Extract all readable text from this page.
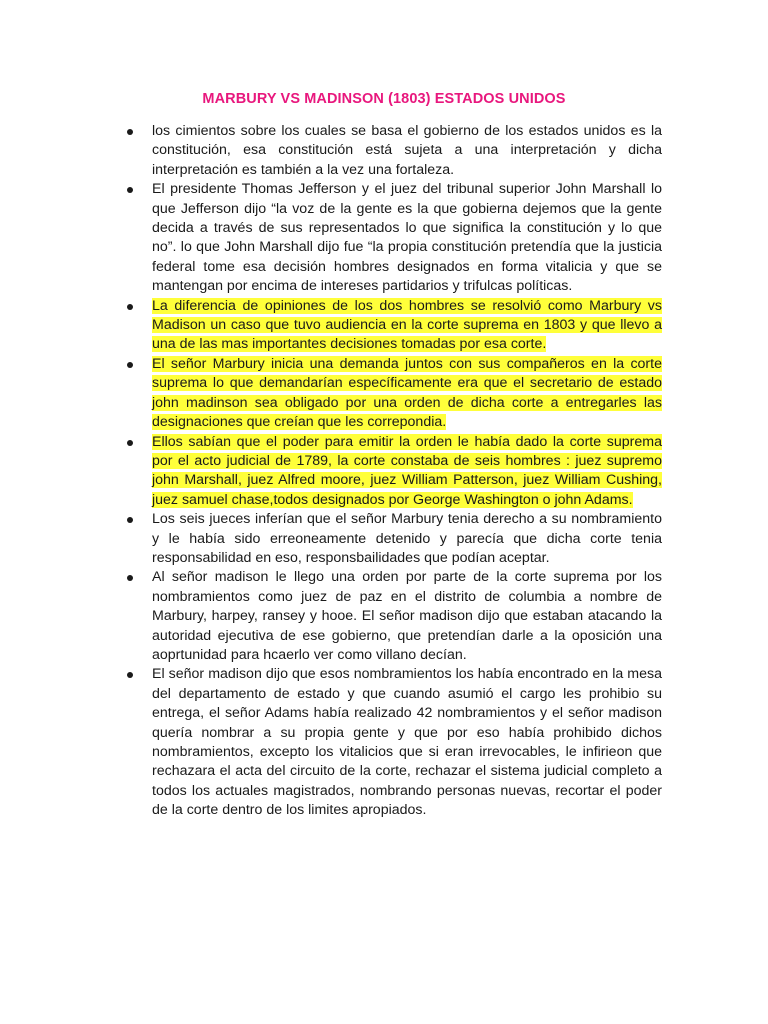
MARBURY VS MADINSON (1803) ESTADOS UNIDOS
los cimientos sobre los cuales se basa el gobierno de los estados unidos es la constitución, esa constitución está sujeta a una interpretación y dicha interpretación es también a la vez una fortaleza.
El presidente Thomas Jefferson y el juez del tribunal superior John Marshall lo que Jefferson dijo “la voz de la gente es la que gobierna dejemos que la gente decida a través de sus representados lo que significa la constitución y lo que no”. lo que John Marshall dijo fue “la propia constitución pretendía que la justicia federal tome esa decisión hombres designados en forma vitalicia y que se mantengan por encima de intereses partidarios y trifulcas políticas.
La diferencia de opiniones de los dos hombres se resolvió como Marbury vs Madison un caso que tuvo audiencia en la corte suprema en 1803 y que llevo a una de las mas importantes decisiones tomadas por esa corte.
El señor Marbury inicia una demanda juntos con sus compañeros en la corte suprema lo que demandarían específicamente era que el secretario de estado john madinson sea obligado por una orden de dicha corte a entregarles las designaciones que creían que les correpondia.
Ellos sabían que el poder para emitir la orden le había dado la corte suprema por el acto judicial de 1789, la corte constaba de seis hombres : juez supremo john Marshall, juez Alfred moore, juez William Patterson, juez William Cushing, juez samuel chase,todos designados por George Washington o john Adams.
Los seis jueces inferían que el señor Marbury tenia derecho a su nombramiento y le había sido erreoneamente detenido y parecía que dicha corte tenia responsabilidad en eso, responsbailidades que podían aceptar.
Al señor madison le llego una orden por parte de la corte suprema por los nombramientos como juez de paz en el distrito de columbia a nombre de Marbury, harpey, ransey y hooe. El señor madison dijo que estaban atacando la autoridad ejecutiva de ese gobierno, que pretendían darle a la oposición una aoprtunidad para hcaerlo ver como villano decían.
El señor madison dijo que esos nombramientos los había encontrado en la mesa del departamento de estado y que cuando asumió el cargo les prohibio su entrega, el señor Adams había realizado 42 nombramientos y el señor madison quería nombrar a su propia gente y que por eso había prohibido dichos nombramientos, excepto los vitalicios que si eran irrevocables, le infirieon que rechazara el acta del circuito de la corte, rechazar el sistema judicial completo a todos los actuales magistrados, nombrando personas nuevas, recortar el poder de la corte dentro de los limites apropiados.
